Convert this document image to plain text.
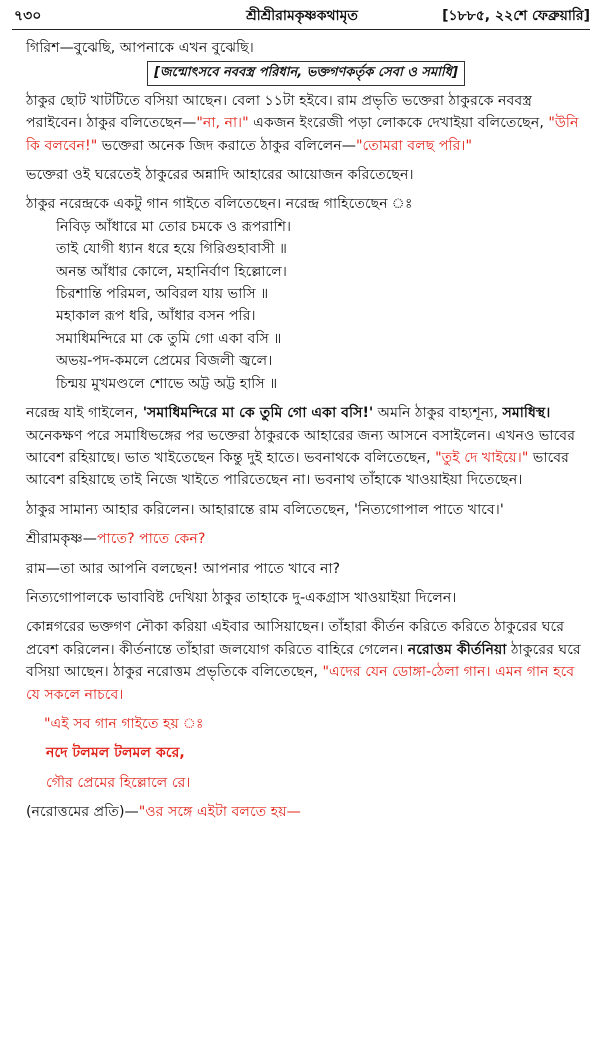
৭৩০	শ্রীশ্রীরামকৃষ্ণকথামৃত	[১৮৮৫, ২২শে ফেব্রুয়ারি]

গিরিশ—বুঝেছি, আপনাকে এখন বুঝেছি।

[জন্মোৎসবে নববস্ত্র পরিধান, ভক্তগণকর্তৃক সেবা ও সমাধি]

ঠাকুর ছোট খাটটিতে বসিয়া আছেন। বেলা ১১টা হইবে। রাম প্রভৃতি ভক্তেরা ঠাকুরকে নববস্ত্র পরাইবেন। ঠাকুর বলিতেছেন—"না, না।" একজন ইংরেজী পড়া লোককে দেখাইয়া বলিতেছেন, "উনি কি বলবেন!" ভক্তেরা অনেক জিদ করাতে ঠাকুর বলিলেন—"তোমরা বলছ পরি।"

ভক্তেরা ওই ঘরেতেই ঠাকুরের অন্নাদি আহারের আয়োজন করিতেছেন।

ঠাকুর নরেন্দ্রকে একটু গান গাইতে বলিতেছেন। নরেন্দ্র গাহিতেছেন ঃ

নিবিড় আঁধারে মা তোর চমকে ও রূপরাশি।

তাই যোগী ধ্যান ধরে হয়ে গিরিগুহাবাসী ॥

অনন্ত আঁধার কোলে, মহানির্বাণ হিল্লোলে।

চিরশান্তি পরিমল, অবিরল যায় ভাসি ॥

মহাকাল রূপ ধরি, আঁধার বসন পরি।

সমাধিমন্দিরে মা কে তুমি গো একা বসি ॥

অভয়-পদ-কমলে প্রেমের বিজলী জ্বলে।

চিন্ময় মুখমণ্ডলে শোভে অট্ট অট্ট হাসি ॥

নরেন্দ্র যাই গাইলেন, 'সমাধিমন্দিরে মা কে তুমি গো একা বসি!' অমনি ঠাকুর বাহ্যশূন্য, সমাধিস্থ। অনেকক্ষণ পরে সমাধিভঙ্গের পর ভক্তেরা ঠাকুরকে আহারের জন্য আসনে বসাইলেন। এখনও ভাবের আবেশ রহিয়াছে। ভাত খাইতেছেন কিন্তু দুই হাতে। ভবনাথকে বলিতেছেন, "তুই দে খাইয়ে।" ভাবের আবেশ রহিয়াছে তাই নিজে খাইতে পারিতেছেন না। ভবনাথ তাঁহাকে খাওয়াইয়া দিতেছেন।

ঠাকুর সামান্য আহার করিলেন। আহারান্তে রাম বলিতেছেন, 'নিত্যগোপাল পাতে খাবে।'

শ্রীরামকৃষ্ণ—পাতে? পাতে কেন?

রাম—তা আর আপনি বলছেন! আপনার পাতে খাবে না?

নিত্যগোপালকে ভাবাবিষ্ট দেখিয়া ঠাকুর তাহাকে দু-একগ্রাস খাওয়াইয়া দিলেন।

কোন্নগরের ভক্তগণ নৌকা করিয়া এইবার আসিয়াছেন। তাঁহারা কীর্তন করিতে করিতে ঠাকুরের ঘরে প্রবেশ করিলেন। কীর্তনান্তে তাঁহারা জলযোগ করিতে বাহিরে গেলেন। নরোত্তম কীর্তনিয়া ঠাকুরের ঘরে বসিয়া আছেন। ঠাকুর নরোত্তম প্রভৃতিকে বলিতেছেন, "এদের যেন ডোঙ্গা-ঠেলা গান। এমন গান হবে যে সকলে নাচবে।

"এই সব গান গাইতে হয় ঃ

নদে টলমল টলমল করে,

গৌর প্রেমের হিল্লোলে রে।

(নরোত্তমের প্রতি)—"ওর সঙ্গে এইটা বলতে হয়—
